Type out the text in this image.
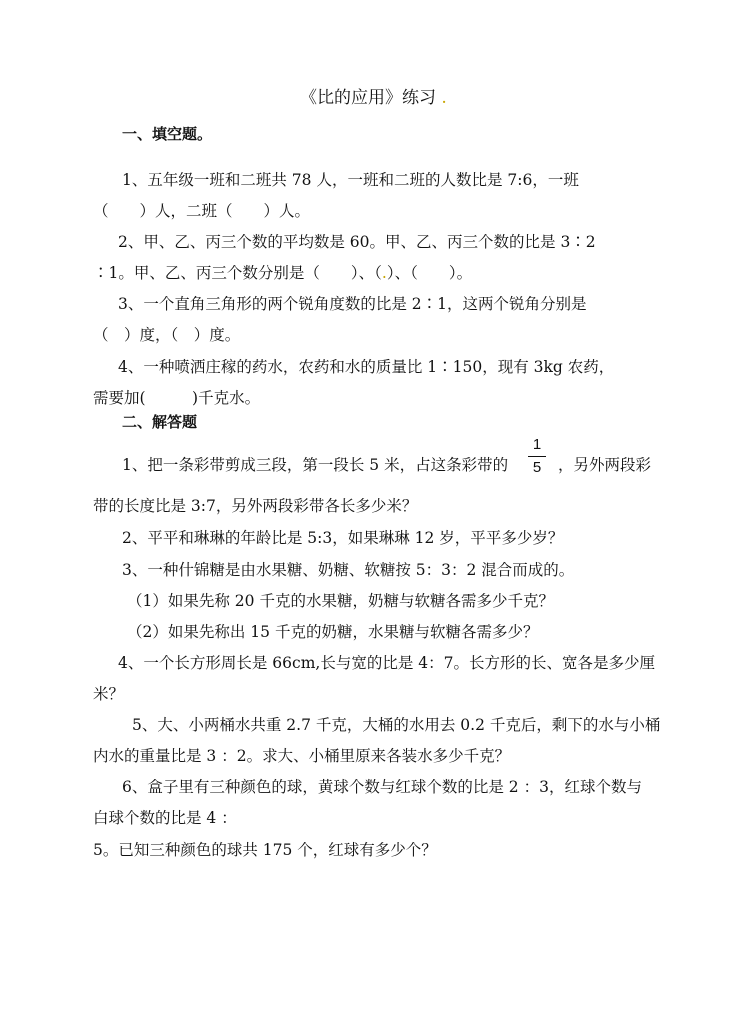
《比的应用》练习 .
一、填空题。
1、五年级一班和二班共 78 人，一班和二班的人数比是 7:6，一班
（　　）人，二班（　　）人。
2、甲、乙、丙三个数的平均数是 60。甲、乙、丙三个数的比是 3∶2
∶1。甲、乙、丙三个数分别是（　　）、（.）、（　　）。
3、一个直角三角形的两个锐角度数的比是 2∶1，这两个锐角分别是
（　）度，（　）度。
4、一种喷洒庄稼的药水，农药和水的质量比 1∶150，现有 3kg 农药，
需要加(　　　)千克水。
二、解答题
1、把一条彩带剪成三段，第一段长 5 米，占这条彩带的
1
5	，另外两段彩
带的长度比是 3:7，另外两段彩带各长多少米？
2、平平和琳琳的年龄比是 5:3，如果琳琳 12 岁，平平多少岁？
3、一种什锦糖是由水果糖、奶糖、软糖按 5：3：2 混合而成的。
（1）如果先称 20 千克的水果糖，奶糖与软糖各需多少千克？
（2）如果先称出 15 千克的奶糖，水果糖与软糖各需多少？
4、一个长方形周长是 66cm,长与宽的比是 4：7。长方形的长、宽各是多少厘
米？
5、大、小两桶水共重 2.7 千克，大桶的水用去 0.2 千克后，剩下的水与小桶
内水的重量比是 3 ：2。求大、小桶里原来各装水多少千克？
6、盒子里有三种颜色的球，黄球个数与红球个数的比是 2 ：3，红球个数与
白球个数的比是 4 ：
5。已知三种颜色的球共 175 个，红球有多少个？
